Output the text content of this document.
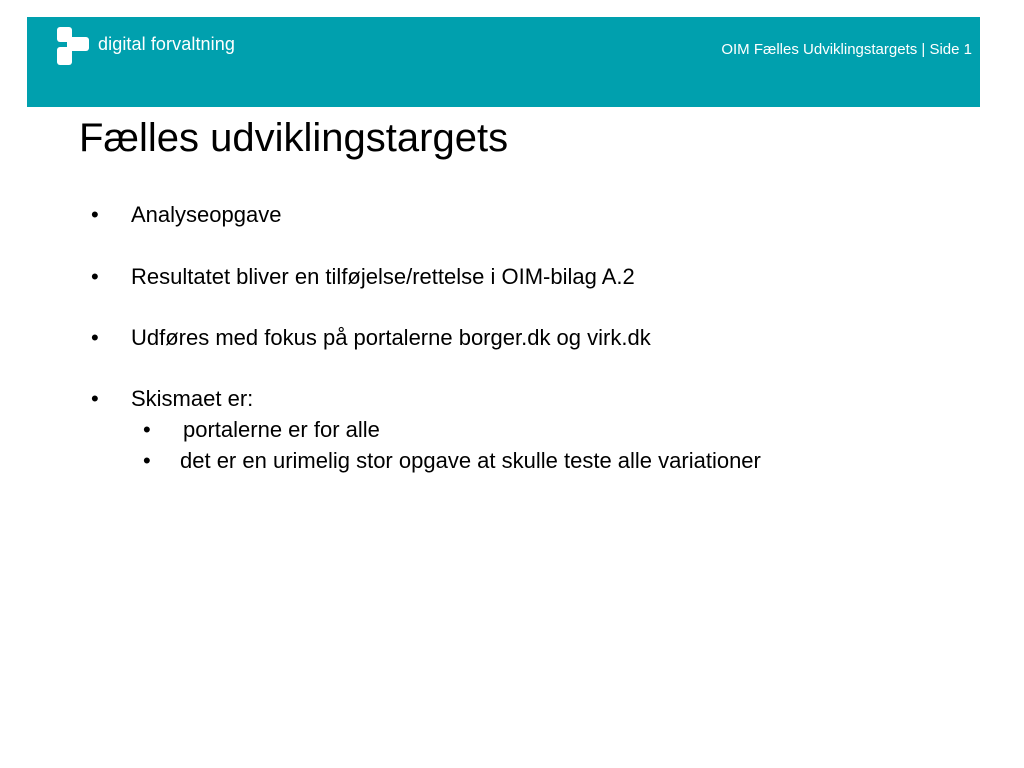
digital forvaltning	OIM Fælles Udviklingstargets | Side 1
Fælles udviklingstargets
• Analyseopgave
• Resultatet bliver en tilføjelse/rettelse i OIM-bilag A.2
• Udføres med fokus på portalerne borger.dk og virk.dk
• Skismaet er:
• portalerne er for alle
• det er en urimelig stor opgave at skulle teste alle variationer
